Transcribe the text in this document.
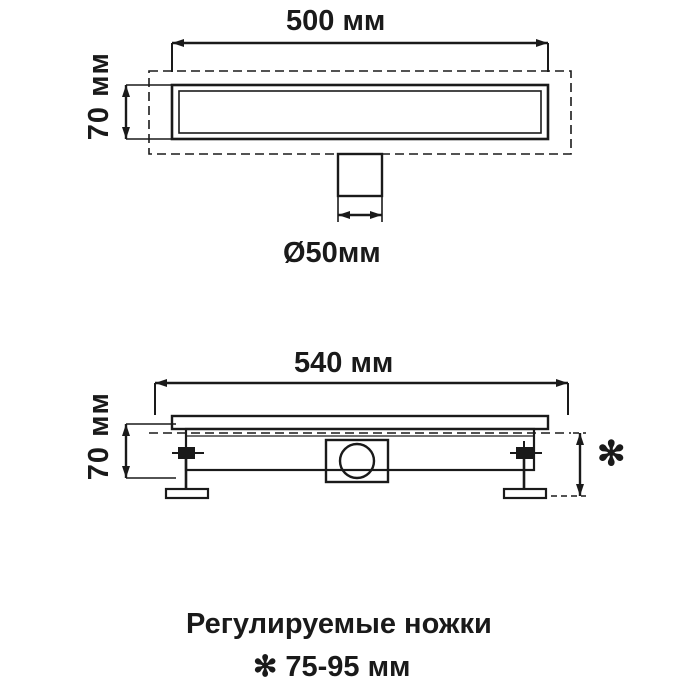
500 мм
70 мм
Ø50мм
540 мм
70 мм	✻
Регулируемые ножки
✻ 75-95 мм
